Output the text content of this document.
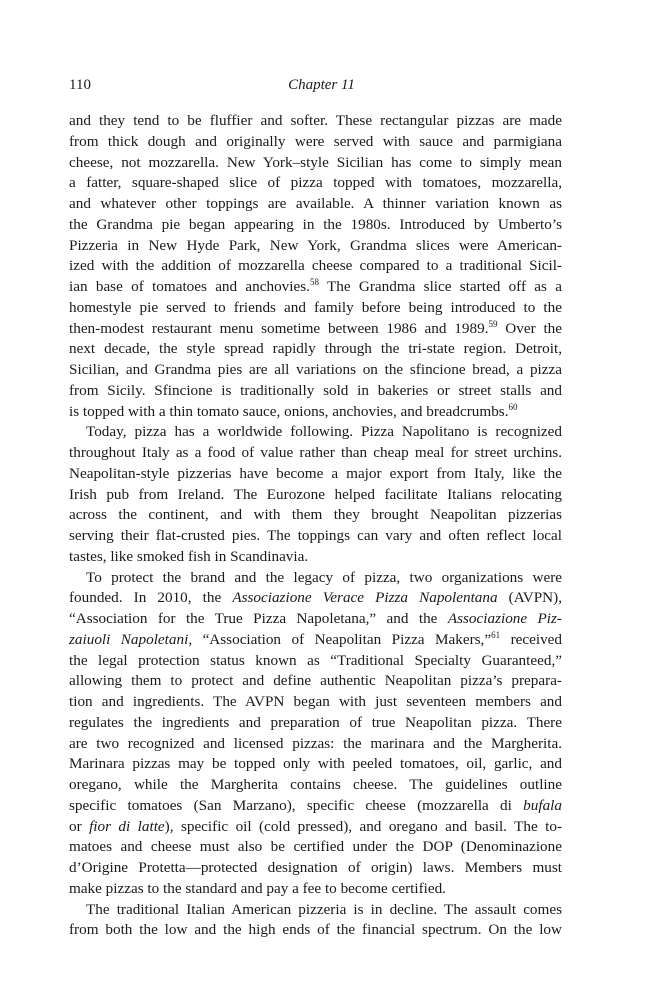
110	Chapter 11
and they tend to be fluffier and softer. These rectangular pizzas are made
from thick dough and originally were served with sauce and parmigiana
cheese, not mozzarella. New York–style Sicilian has come to simply mean
a fatter, square-shaped slice of pizza topped with tomatoes, mozzarella,
and whatever other toppings are available. A thinner variation known as
the Grandma pie began appearing in the 1980s. Introduced by Umberto’s
Pizzeria in New Hyde Park, New York, Grandma slices were American-
ized with the addition of mozzarella cheese compared to a traditional Sicil-
ian base of tomatoes and anchovies.$^{58}$ The Grandma slice started off as a
homestyle pie served to friends and family before being introduced to the
then-modest restaurant menu sometime between 1986 and 1989.59 Over the
next decade, the style spread rapidly through the tri-state region. Detroit,
Sicilian, and Grandma pies are all variations on the sfincione bread, a pizza
from Sicily. Sfincione is traditionally sold in bakeries or street stalls and
is topped with a thin tomato sauce, onions, anchovies, and breadcrumbs.$^{60}$
Today, pizza has a worldwide following. Pizza Napolitano is recognized
throughout Italy as a food of value rather than cheap meal for street urchins.
Neapolitan-style pizzerias have become a major export from Italy, like the
Irish pub from Ireland. The Eurozone helped facilitate Italians relocating
across the continent, and with them they brought Neapolitan pizzerias
serving their flat-crusted pies. The toppings can vary and often reflect local
tastes, like smoked fish in Scandinavia.
To protect the brand and the legacy of pizza, two organizations were
founded. In 2010, the Associazione Verace Pizza Napolentana (AVPN),
“Association for the True Pizza Napoletana,” and the Associazione Piz-
zaiuoli Napoletani, “Association of Neapolitan Pizza Makers,”$^{61}$ received
the legal protection status known as “Traditional Specialty Guaranteed,”
allowing them to protect and define authentic Neapolitan pizza’s prepara-
tion and ingredients. The AVPN began with just seventeen members and
regulates the ingredients and preparation of true Neapolitan pizza. There
are two recognized and licensed pizzas: the marinara and the Margherita.
Marinara pizzas may be topped only with peeled tomatoes, oil, garlic, and
oregano, while the Margherita contains cheese. The guidelines outline
specific tomatoes (San Marzano), specific cheese (mozzarella di bufala
or fior di latte), specific oil (cold pressed), and oregano and basil. The to-
matoes and cheese must also be certified under the DOP (Denominazione
d’Origine Protetta—protected designation of origin) laws. Members must
make pizzas to the standard and pay a fee to become certified.
The traditional Italian American pizzeria is in decline. The assault comes
from both the low and the high ends of the financial spectrum. On the low
